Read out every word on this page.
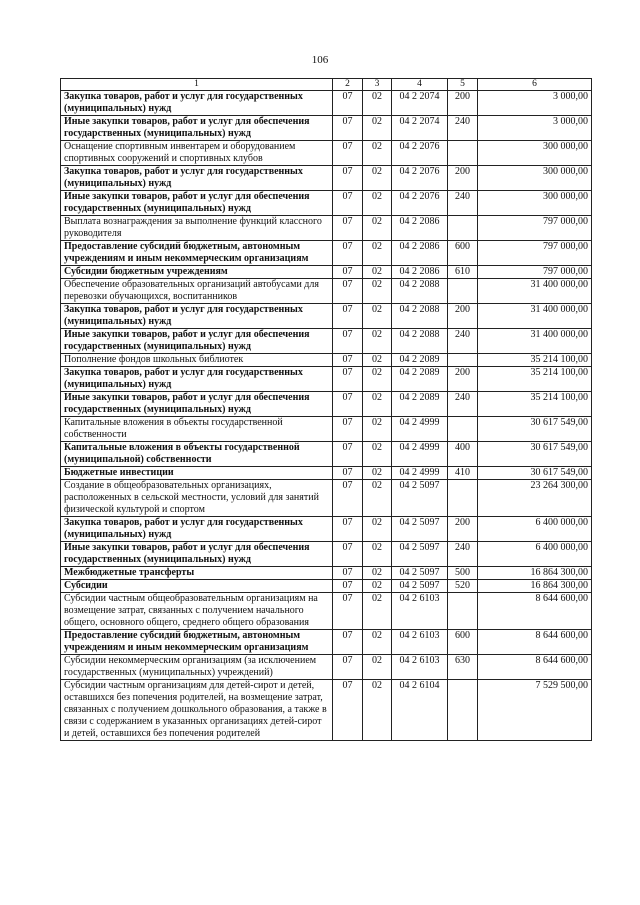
106
1	2	3	4	5	6
Закупка товаров, работ и услуг для государственных (муниципальных) нужд	07	02	04 2 2074	200	3 000,00
Иные закупки товаров, работ и услуг для обеспечения государственных (муниципальных) нужд	07	02	04 2 2074	240	3 000,00
Оснащение спортивным инвентарем и оборудованием спортивных сооружений и спортивных клубов	07	02	04 2 2076		300 000,00
Закупка товаров, работ и услуг для государственных (муниципальных) нужд	07	02	04 2 2076	200	300 000,00
Иные закупки товаров, работ и услуг для обеспечения государственных (муниципальных) нужд	07	02	04 2 2076	240	300 000,00
Выплата вознаграждения за выполнение функций классного руководителя	07	02	04 2 2086		797 000,00
Предоставление субсидий бюджетным, автономным учреждениям и иным некоммерческим организациям	07	02	04 2 2086	600	797 000,00
Субсидии бюджетным учреждениям	07	02	04 2 2086	610	797 000,00
Обеспечение образовательных организаций автобусами для перевозки обучающихся, воспитанников	07	02	04 2 2088		31 400 000,00
Закупка товаров, работ и услуг для государственных (муниципальных) нужд	07	02	04 2 2088	200	31 400 000,00
Иные закупки товаров, работ и услуг для обеспечения государственных (муниципальных) нужд	07	02	04 2 2088	240	31 400 000,00
Пополнение фондов школьных библиотек	07	02	04 2 2089		35 214 100,00
Закупка товаров, работ и услуг для государственных (муниципальных) нужд	07	02	04 2 2089	200	35 214 100,00
Иные закупки товаров, работ и услуг для обеспечения государственных (муниципальных) нужд	07	02	04 2 2089	240	35 214 100,00
Капитальные вложения в объекты государственной собственности	07	02	04 2 4999		30 617 549,00
Капитальные вложения в объекты государственной (муниципальной) собственности	07	02	04 2 4999	400	30 617 549,00
Бюджетные инвестиции	07	02	04 2 4999	410	30 617 549,00
Создание в общеобразовательных организациях, расположенных в сельской местности, условий для занятий физической культурой и спортом	07	02	04 2 5097		23 264 300,00
Закупка товаров, работ и услуг для государственных (муниципальных) нужд	07	02	04 2 5097	200	6 400 000,00
Иные закупки товаров, работ и услуг для обеспечения государственных (муниципальных) нужд	07	02	04 2 5097	240	6 400 000,00
Межбюджетные трансферты	07	02	04 2 5097	500	16 864 300,00
Субсидии	07	02	04 2 5097	520	16 864 300,00
Субсидии частным общеобразовательным организациям на возмещение затрат, связанных с получением начального общего, основного общего, среднего общего образования	07	02	04 2 6103		8 644 600,00
Предоставление субсидий бюджетным, автономным учреждениям и иным некоммерческим организациям	07	02	04 2 6103	600	8 644 600,00
Субсидии некоммерческим организациям (за исключением государственных (муниципальных) учреждений)	07	02	04 2 6103	630	8 644 600,00
Субсидии частным организациям для детей-сирот и детей, оставшихся без попечения родителей, на возмещение затрат, связанных с получением дошкольного образования, а также в связи с содержанием в указанных организациях детей-сирот и детей, оставшихся без попечения родителей	07	02	04 2 6104		7 529 500,00
